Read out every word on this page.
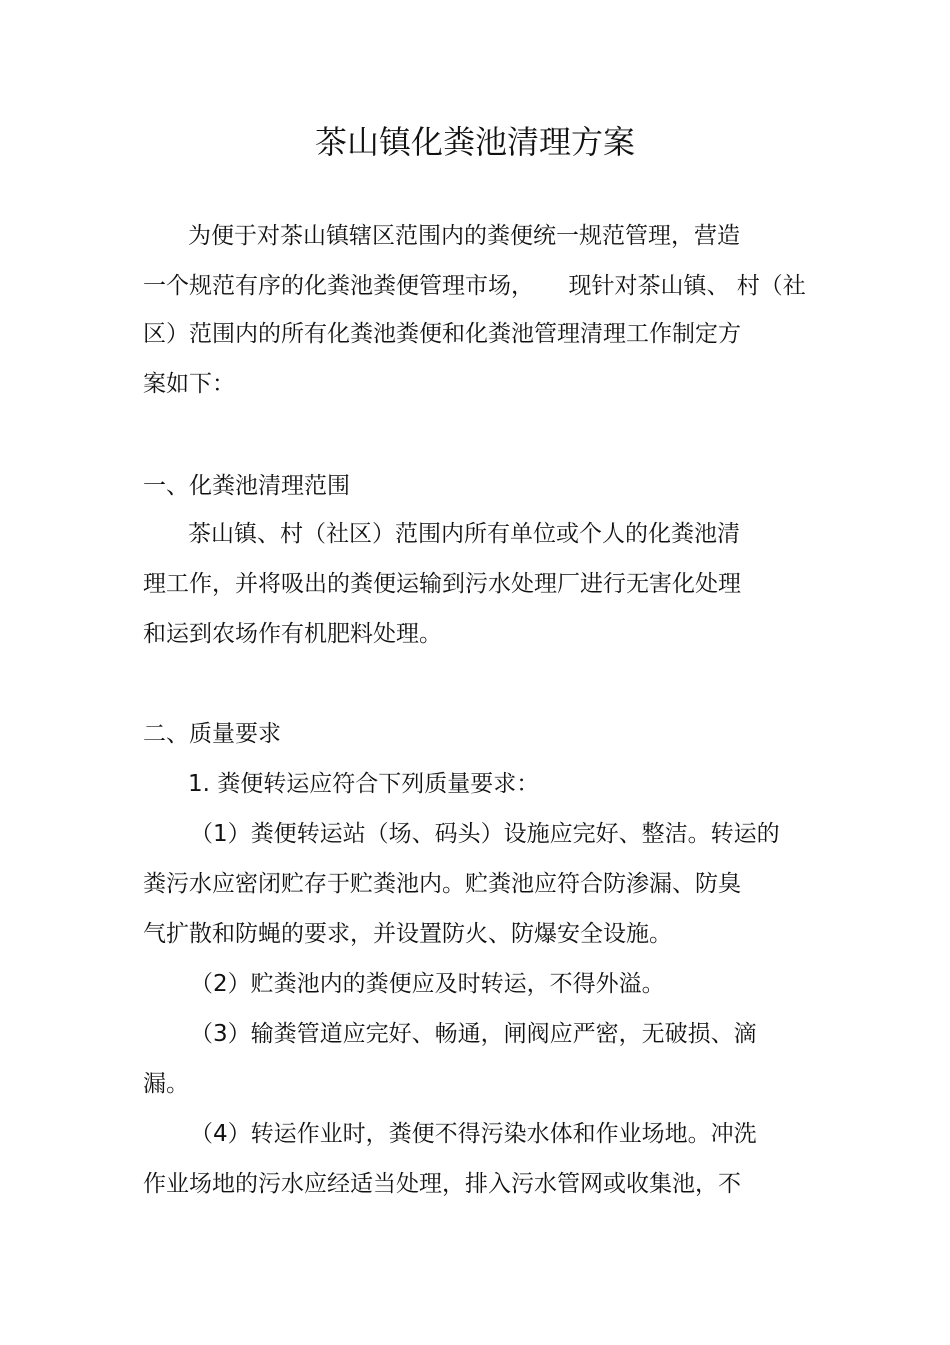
茶山镇化粪池清理方案
为便于对茶山镇辖区范围内的粪便统一规范管理，营造
一个规范有序的化粪池粪便管理市场，　　现针对茶山镇、 村（社
区）范围内的所有化粪池粪便和化粪池管理清理工作制定方
案如下：
一、化粪池清理范围
茶山镇、村（社区）范围内所有单位或个人的化粪池清
理工作，并将吸出的粪便运输到污水处理厂进行无害化处理
和运到农场作有机肥料处理。
二、质量要求
1. 粪便转运应符合下列质量要求：
（1）粪便转运站（场、码头）设施应完好、整洁。转运的
粪污水应密闭贮存于贮粪池内。贮粪池应符合防渗漏、防臭
气扩散和防蝇的要求，并设置防火、防爆安全设施。
（2）贮粪池内的粪便应及时转运，不得外溢。
（3）输粪管道应完好、畅通，闸阀应严密，无破损、滴
漏。
（4）转运作业时，粪便不得污染水体和作业场地。冲洗
作业场地的污水应经适当处理，排入污水管网或收集池，不
